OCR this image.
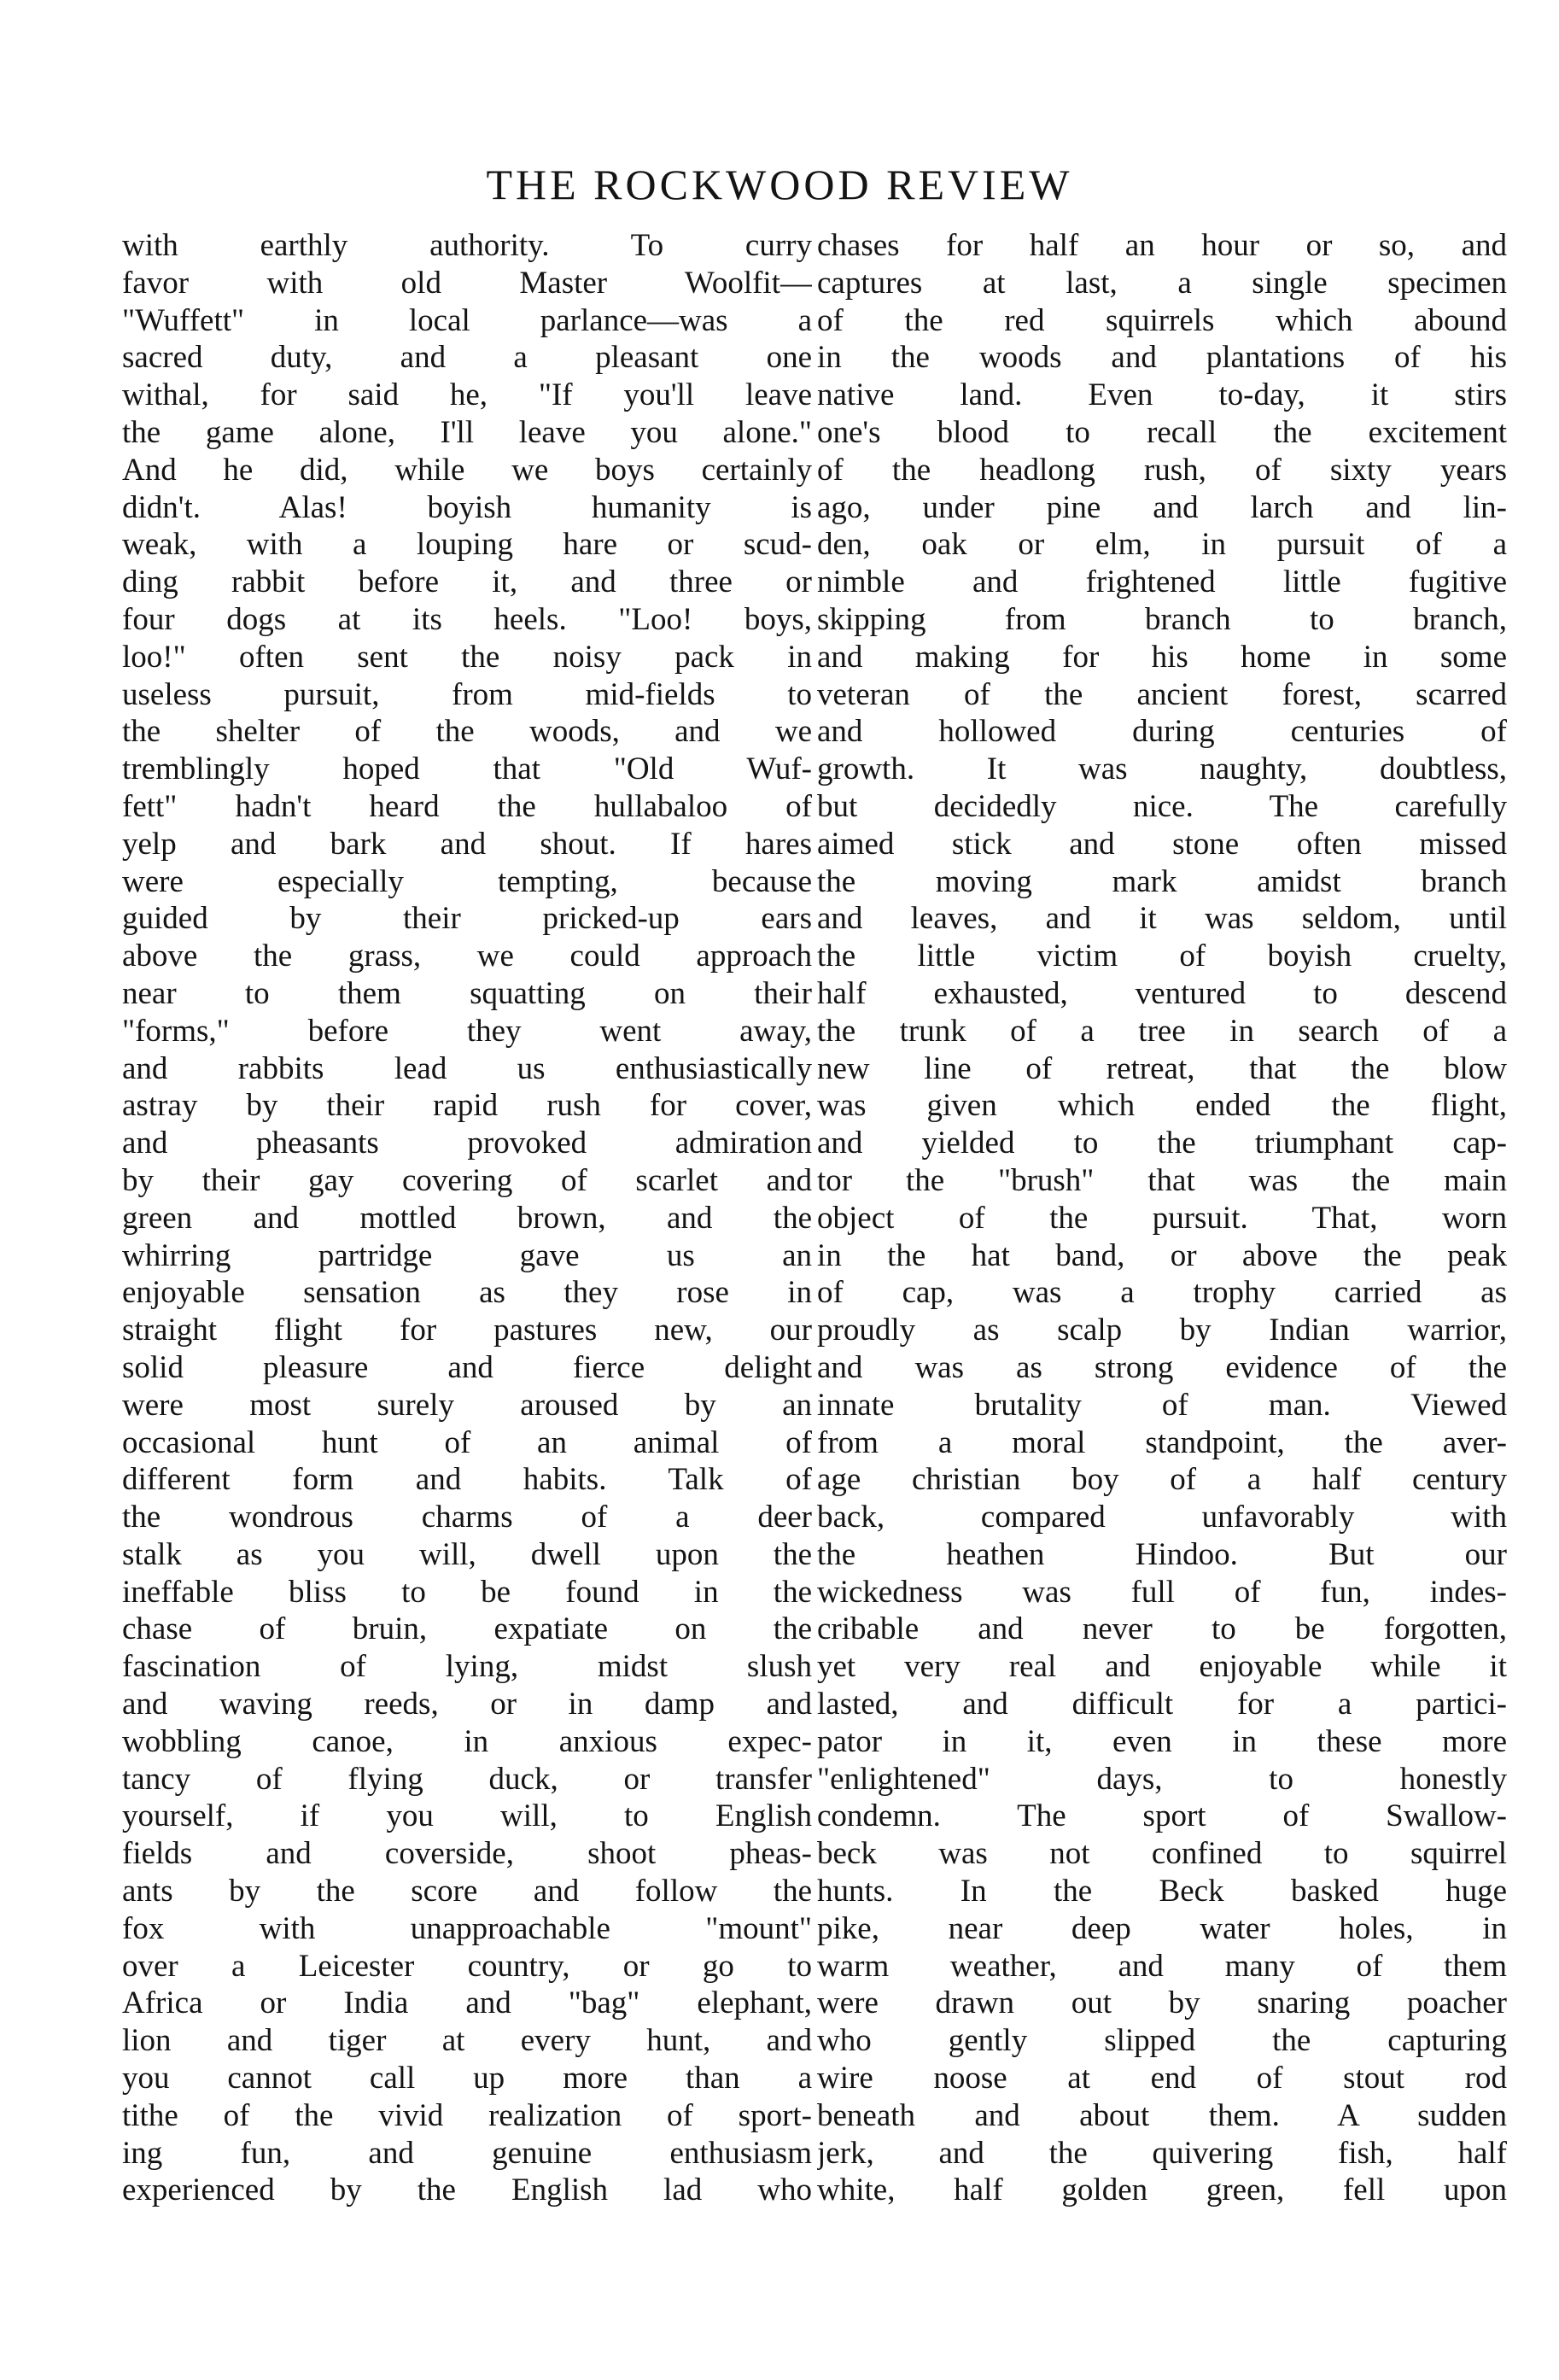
THE ROCKWOOD REVIEW
with earthly authority. To curry
favor with old Master Woolfit—
"Wuffett" in local parlance—was a
sacred duty, and a pleasant one
withal, for said he, "If you'll leave
the game alone, I'll leave you alone."
And he did, while we boys certainly
didn't. Alas! boyish humanity is
weak, with a louping hare or scud-
ding rabbit before it, and three or
four dogs at its heels. "Loo! boys,
loo!" often sent the noisy pack in
useless pursuit, from mid-fields to
the shelter of the woods, and we
tremblingly hoped that "Old Wuf-
fett" hadn't heard the hullabaloo of
yelp and bark and shout. If hares
were especially tempting, because
guided by their pricked-up ears
above the grass, we could approach
near to them squatting on their
"forms," before they went away,
and rabbits lead us enthusiastically
astray by their rapid rush for cover,
and pheasants provoked admiration
by their gay covering of scarlet and
green and mottled brown, and the
whirring partridge gave us an
enjoyable sensation as they rose in
straight flight for pastures new, our
solid pleasure and fierce delight
were most surely aroused by an
occasional hunt of an animal of
different form and habits. Talk of
the wondrous charms of a deer
stalk as you will, dwell upon the
ineffable bliss to be found in the
chase of bruin, expatiate on the
fascination of lying, midst slush
and waving reeds, or in damp and
wobbling canoe, in anxious expec-
tancy of flying duck, or transfer
yourself, if you will, to English
fields and coverside, shoot pheas-
ants by the score and follow the
fox with unapproachable "mount"
over a Leicester country, or go to
Africa or India and "bag" elephant,
lion and tiger at every hunt, and
you cannot call up more than a
tithe of the vivid realization of sport-
ing fun, and genuine enthusiasm
experienced by the English lad who
chases for half an hour or so, and
captures at last, a single specimen
of the red squirrels which abound
in the woods and plantations of his
native land. Even to-day, it stirs
one's blood to recall the excitement
of the headlong rush, of sixty years
ago, under pine and larch and lin-
den, oak or elm, in pursuit of a
nimble and frightened little fugitive
skipping from branch to branch,
and making for his home in some
veteran of the ancient forest, scarred
and hollowed during centuries of
growth. It was naughty, doubtless,
but decidedly nice. The carefully
aimed stick and stone often missed
the moving mark amidst branch
and leaves, and it was seldom, until
the little victim of boyish cruelty,
half exhausted, ventured to descend
the trunk of a tree in search of a
new line of retreat, that the blow
was given which ended the flight,
and yielded to the triumphant cap-
tor the "brush" that was the main
object of the pursuit. That, worn
in the hat band, or above the peak
of cap, was a trophy carried as
proudly as scalp by Indian warrior,
and was as strong evidence of the
innate brutality of man. Viewed
from a moral standpoint, the aver-
age christian boy of a half century
back, compared unfavorably with
the heathen Hindoo. But our
wickedness was full of fun, indes-
cribable and never to be forgotten,
yet very real and enjoyable while it
lasted, and difficult for a partici-
pator in it, even in these more
"enlightened" days, to honestly
condemn. The sport of Swallow-
beck was not confined to squirrel
hunts. In the Beck basked huge
pike, near deep water holes, in
warm weather, and many of them
were drawn out by snaring poacher
who gently slipped the capturing
wire noose at end of stout rod
beneath and about them. A sudden
jerk, and the quivering fish, half
white, half golden green, fell upon
